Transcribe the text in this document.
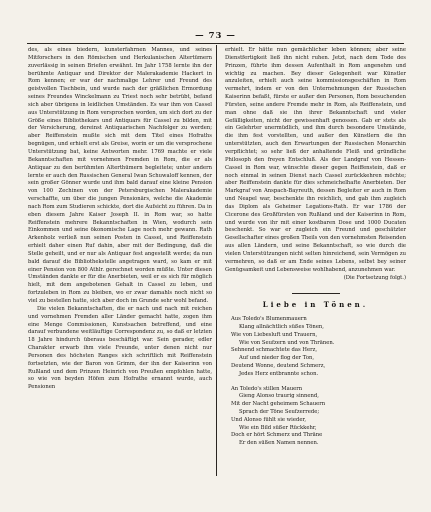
— 73 —

des, als eines biedern, kunsterfahrnen Mannes, und seines Mitforschers in den Römischen und Herkulanischen Altertümern zuverlässig in seinen Briefen erwähnt. Im Jahr 1758 lernte ihn der berühmte Antiquar und Direktor der Malerakademie Hackert in Rom kennen; er war der nachmalige Lehrer und Freund des geistvollen Tischbein, und wurde nach der gräßlichen Ermordung seines Freundes Winckelmann zu Triest noch sehr betrübt, befand sich aber übrigens in leidlichen Umständen. Es war ihm von Cassel aus Unterstützung in Rom versprochen worden, um sich dort zu der Größe eines Bibliothekars und Antiquars für Cassel zu bilden, mit der Versicherung, dereinst Antiquarischen Nachfolger zu werden; aber Reiffenstein mußte sich mit dem Titel eines Hofraths begnügen, und erhielt erst als Greise, worin er um die versprochene Unterstützung bat, keine Antworten mehr. 1769 machte er viele Bekanntschaften mit vornehmen Fremden in Rom, die er als Antiquar zu den berühmten Alterthümern begleitete; unter andern lernte er auch den Russischen General Iwan Schuwaloff kennen, der sein großer Gönner wurde und ihm bald darauf eine kleine Pension von 100 Zechinen von der Petersburgischen Malerakademie verschaffte, um über die jungen Pensionärs, welche die Akademie nach Rom zum Studieren schickte, dort die Aufsicht zu führen. Da in eben diesem Jahre Kaiser Joseph II. in Rom war, so hatte Reiffenstein mehrere Bekanntschaften in Wien, wodurch sein Einkommen und seine ökonomische Lage noch mehr gewann. Rath Arkenholz verließ nun seinen Posten in Cassel, und Reiffenstein erhielt daher einen Ruf dahin, aber mit der Bedingung, daß die Stelle geheilt, und er nur als Antiquar fest angestellt werde; da nun bald darauf die Bibliothekstelle angetragen ward, so kam er mit einer Pension von 800 Athlr. gerechnet worden müßte. Unter diesen Umständen dankte er für die Anerbieten, weil er es sich für möglich hielt, mit dem angebotenen Gehalt in Cassel zu leben, und fortzuleben in Rom zu bleiben, wo er zwar damahls noch nicht so viel zu bestellen hatte, sich aber doch im Grunde sehr wohl befand.

Die vielen Bekanntschaften, die er nach und nach mit reichen und vornehmen Fremden aller Länder gemacht hatte, zogen ihm eine Menge Commissionen, Kunstsachen betreffend, und eine darauf verbundene weitläuftige Correspondenz zu, so daß er letzten 18 Jahre hindurch überaus beschäftigt war. Sein gerader, edler Charakter erwarb ihm viele Freunde, unter denen nicht nur Personen des höchsten Ranges sich schriftlich mit Reiffenstein fortsetzten, wie der Baron von Grimm, der ihn der Kaiserinn von Rußland und dem Prinzen Heinrich von Preußen empfohlen hatte, so wie von beyden Höfen zum Hofrathe ernannt wurde, auch Pensionen

erhielt. Er hätte nun gemächlicher leben können; aber seine Dienstfertigkeit ließ ihn nicht ruhen. Jetzt, nach dem Tode des Prinzen, führte ihm dessen Aufenthalt in Rom angenehm und wichtig zu machen. Bey dieser Gelegenheit war Künstler anzuleiten, erhielt auch seine kommissionsgeschäften in Rom vermehrt, indem er von den Unternehmungen der Russischen Kaiserinn befaßt, fürste er außer den Personen, Rom besuchenden Fürsten, seine andere Fremde mehr in Rom, als Reiffenstein, und man ohne daß sie ihn ihrer Bekanntschaft und vieler Gefälligkeiten, nicht der gewissenhaft genossen. Gab er stets als ein Gelehrter unermüdlich, und ihm durch besondere Umstände, die ihm fest vorstellten, und außer den Künstlern die ihn unterstützten, auch den Erwartungen der Russischen Monarchin verpflichtet; so sehr ließ der anhaltende Fleiß und gründliche Philosoph den freyen Entschluß. Als der Landgraf von Hessen-Cassel in Rom war, wünschte dieser gegen Reiffenstein, daß er noch einmal in seinen Dienst nach Cassel zurückkehren möchte; aber Reiffenstein dankte für dies schmeichelhafte Anerbieten. Der Markgraf von Anspach-Bayreuth, dessen Begleiter er auch in Rom und Neapel war, beschenkte ihn reichlich, und gab ihm zugleich das Diplom als Geheimer Legations-Rath. Er war 1786 der Cicerone des Großfürsten von Rußland und der Kaiserinn in Rom, und wurde von ihr mit einer kostbaren Dose und 1000 Ducaten beschenkt. So war er zugleich ein Freund und geschätzter Gesellschafter eines großen Theils von den vornehmsten Reisenden aus allen Ländern, und seine Bekanntschaft, so wie durch die vielen Unterstützungen nicht selten hinreichend, sein Vermögen zu vermehren, so daß er am Ende seines Lebens, selbst bey seiner Genügsamkeit und Lebensweise wohlhabend, anzunehmen war.

(Die Fortsetzung folgt.)

Liebe in Tönen.
Aus Toledo's Blumenmauern
Klang allnächtlich süßes Tönen,
Wie von Liebesluft und Trauern,
Wie von Seufzern und von Thränen.
Sehnend schmachtete das Herz,
Auf und nieder flog der Ton,
Deutend Wonne, deutend Schmerz,
Jedes Herz entbrannte schon.
An Toledo's stillen Mauern
Gieng Alonso traurig sinnend,
Mit der Nacht geheimem Schauern
Sprach der Töne Seufzerrede;
Und Alonso fühlt sie wieder,
Wie ein Bild süßer Rückkehr,
Doch er hört Schmerz und Thräne
Er den süßen Namen nennen.
